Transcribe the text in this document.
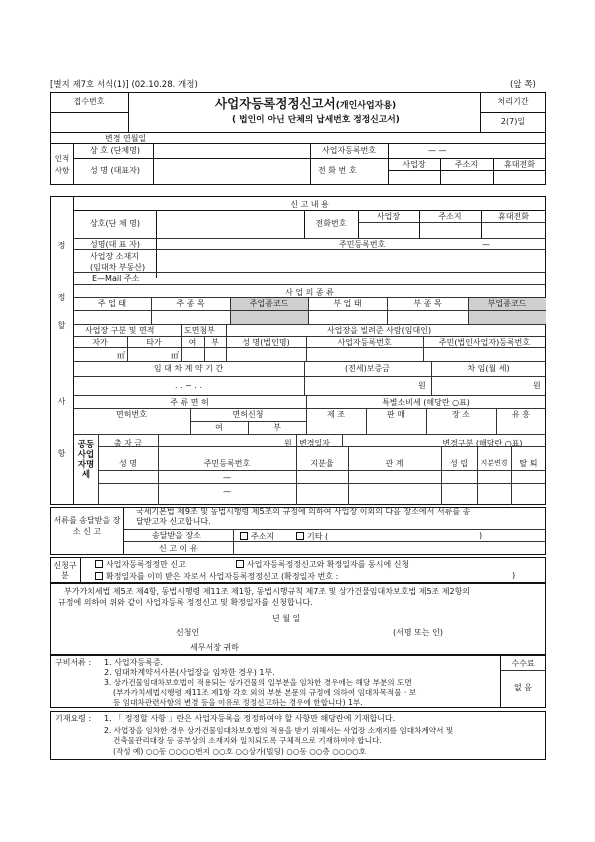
[별지 제7호 서식(1)] (02.10.28. 개정)	(앞 쪽)
접수번호	사업자등록정정신고서(개인사업자용)
( 법인이 아닌 단체의 납세번호 정정신고서)
처리기간
2(7)일
변경 연월일
인적사항
상 호 (단체명)	사업자등록번호	— —
성 명 (대표자)	전 화 번 호
사업장	주소지	휴대전화
정
정
할
사
항
신 고 내 용
상호(단 체 명)	전화번호
사업장	주소지	휴대전화
성명(대 표 자)	주민등록번호	—
사업장 소재지
(임대차 부동산)
E—Mail 주소
사 업 의 종 류
주 업 태	주 종 목	주업종코드	부 업 태	부 종 목	부업종코드
사업장 구분 및 면적	도면첨부	사업장을 빌려준 사람(임대인)
자가	타가	여	부	성 명(법인명)	사업자등록번호	주민(법인사업자)등록번호
㎡	㎡
임 대 차 계 약 기 간	(전세)보증금	차 임(월 세)
. . ~ . .	원	원
주 류 면 허	특별소비세 (해당란 ○표)
면허번호	면허신청	제 조	판 매	장 소	유 흥
여	부
공동사업자명세
출 자 금	원 변경일자	변경구분 (해당란 ○표)
성 명	주민등록번호	지분율	관 계	성 립	지분변경	탈 퇴
—
—
서류를 송달받을 장소 신 고
국세기본법 제9조 및 동법시행령 제5조의 규정에 의하여 사업장 이외의 다음 장소에서 서류를 송
달받고자 신고합니다.
송달받을 장소	주소지	기타 (	)
신 고 이 유
신청구분
사업자등록정정만 신고	사업자등록정정신고와 확정일자를 동시에 신청
확정일자를 이미 받은 자로서 사업자등록정정신고 (확정일자 번호 :	)
부가가치세법 제5조 제4항, 동법시행령 제11조 제1항, 동법시행규칙 제7조 및 상가건물임대차보호법 제5조 제2항의
규정에 의하여 위와 같이 사업자등록 정정신고 및 확정일자를 신청합니다.
년 월 일
신청인	(서명 또는 인)
세무서장 귀하
수수료
없 음
구비서류 : 1. 사업자등록증.
2. 임대차계약서사본(사업장을 임차한 경우) 1부.
3. 상가건물임대차보호법이 적용되는 상가건물의 일부분을 임차한 경우에는 해당 부분의 도면
(부가가치세법시행령 제11조 제1항 각호 외의 부분 본문의 규정에 의하여 임대차목적물 · 보
등 임대차관련사항의 변경 등을 이유로 정정신고하는 경우에 한합니다) 1부.
기재요령 : 1. 「 정정할 사항 」란은 사업자등록을 정정하여야 할 사항만 해당란에 기재합니다.
2. 사업장을 임차한 경우 상가건물임대차보호법의 적용을 받기 위해서는 사업장 소재지를 임대차계약서 및
건축물관리대장 등 공부상의 소재지와 일치되도록 구체적으로 기재하여야 합니다.
(작성 예) ○○동 ○○○○번지 ○○호 ○○상가(빌딩) ○○동 ○○층 ○○○○호
